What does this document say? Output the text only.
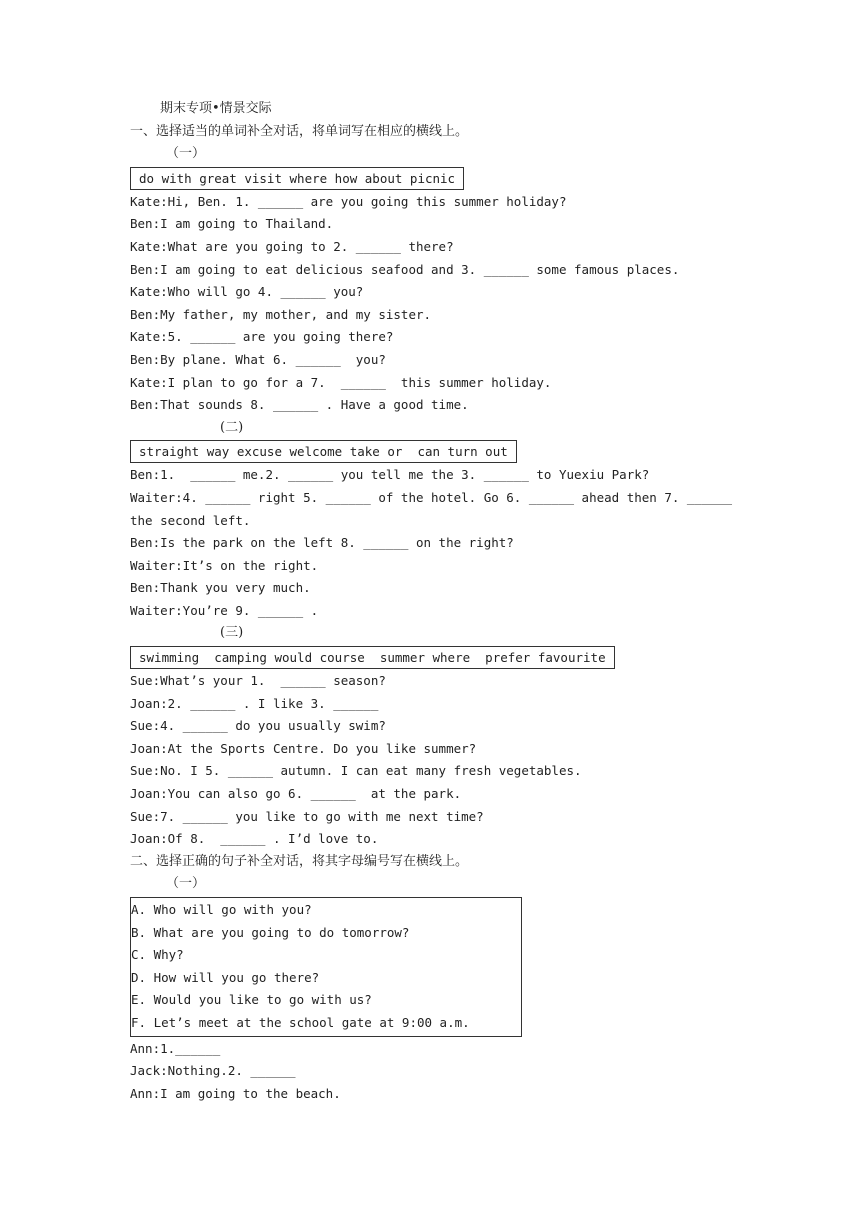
期末专项•情景交际
一、选择适当的单词补全对话，将单词写在相应的横线上。
（一）
do with great visit where how about picnic
Kate:Hi, Ben. 1. ______ are you going this summer holiday?
Ben:I am going to Thailand.
Kate:What are you going to 2. ______ there?
Ben:I am going to eat delicious seafood and 3. ______ some famous places.
Kate:Who will go 4. ______ you?
Ben:My father, my mother, and my sister.
Kate:5. ______ are you going there?
Ben:By plane. What 6. ______  you?
Kate:I plan to go for a 7.  ______  this summer holiday.
Ben:That sounds 8. ______ . Have a good time.
(二)
straight way excuse welcome take or  can turn out
Ben:1.  ______ me.2. ______ you tell me the 3. ______ to Yuexiu Park?
Waiter:4. ______ right 5. ______ of the hotel. Go 6. ______ ahead then 7. ______ the second left.
Ben:Is the park on the left 8. ______ on the right?
Waiter:It’s on the right.
Ben:Thank you very much.
Waiter:You’re 9. ______ .
(三)
swimming  camping would course  summer where  prefer favourite
Sue:What’s your 1.  ______ season?
Joan:2. ______ . I like 3. ______
Sue:4. ______ do you usually swim?
Joan:At the Sports Centre. Do you like summer?
Sue:No. I 5. ______ autumn. I can eat many fresh vegetables.
Joan:You can also go 6. ______  at the park.
Sue:7. ______ you like to go with me next time?
Joan:Of 8.  ______ . I’d love to.
二、选择正确的句子补全对话，将其字母编号写在横线上。
（一）
A. Who will go with you?
B. What are you going to do tomorrow?
C. Why?
D. How will you go there?
E. Would you like to go with us?
F. Let’s meet at the school gate at 9:00 a.m.
Ann:1.______
Jack:Nothing.2. ______
Ann:I am going to the beach.
